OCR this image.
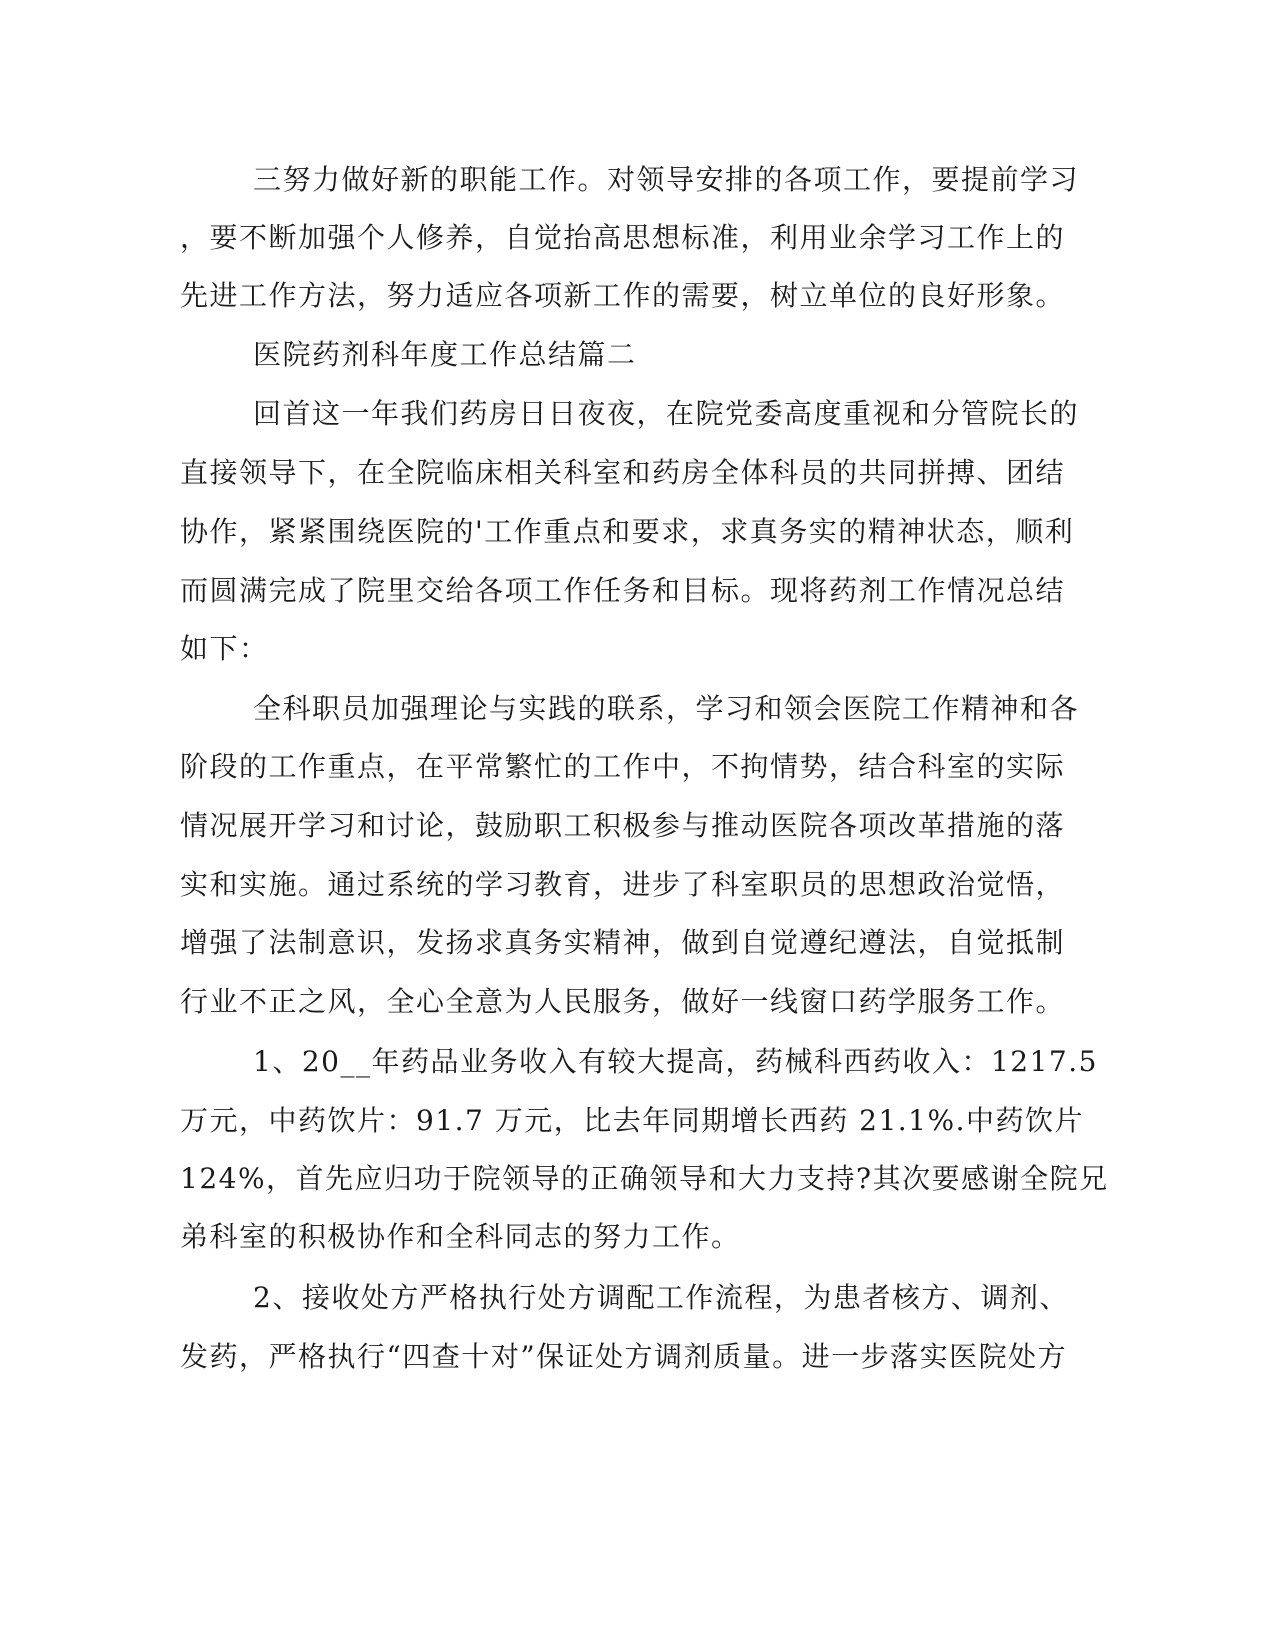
三努力做好新的职能工作。对领导安排的各项工作，要提前学习
，要不断加强个人修养，自觉抬高思想标准，利用业余学习工作上的
先进工作方法，努力适应各项新工作的需要，树立单位的良好形象。
医院药剂科年度工作总结篇二
回首这一年我们药房日日夜夜，在院党委高度重视和分管院长的
直接领导下，在全院临床相关科室和药房全体科员的共同拼搏、团结
协作，紧紧围绕医院的'工作重点和要求，求真务实的精神状态，顺利
而圆满完成了院里交给各项工作任务和目标。现将药剂工作情况总结
如下：
全科职员加强理论与实践的联系，学习和领会医院工作精神和各
阶段的工作重点，在平常繁忙的工作中，不拘情势，结合科室的实际
情况展开学习和讨论，鼓励职工积极参与推动医院各项改革措施的落
实和实施。通过系统的学习教育，进步了科室职员的思想政治觉悟，
增强了法制意识，发扬求真务实精神，做到自觉遵纪遵法，自觉抵制
行业不正之风，全心全意为人民服务，做好一线窗口药学服务工作。
1、20__年药品业务收入有较大提高，药械科西药收入：1217.5
万元，中药饮片：91.7 万元，比去年同期增长西药 21.1%.中药饮片
124%，首先应归功于院领导的正确领导和大力支持?其次要感谢全院兄
弟科室的积极协作和全科同志的努力工作。
2、接收处方严格执行处方调配工作流程，为患者核方、调剂、
发药，严格执行“四查十对”保证处方调剂质量。进一步落实医院处方
